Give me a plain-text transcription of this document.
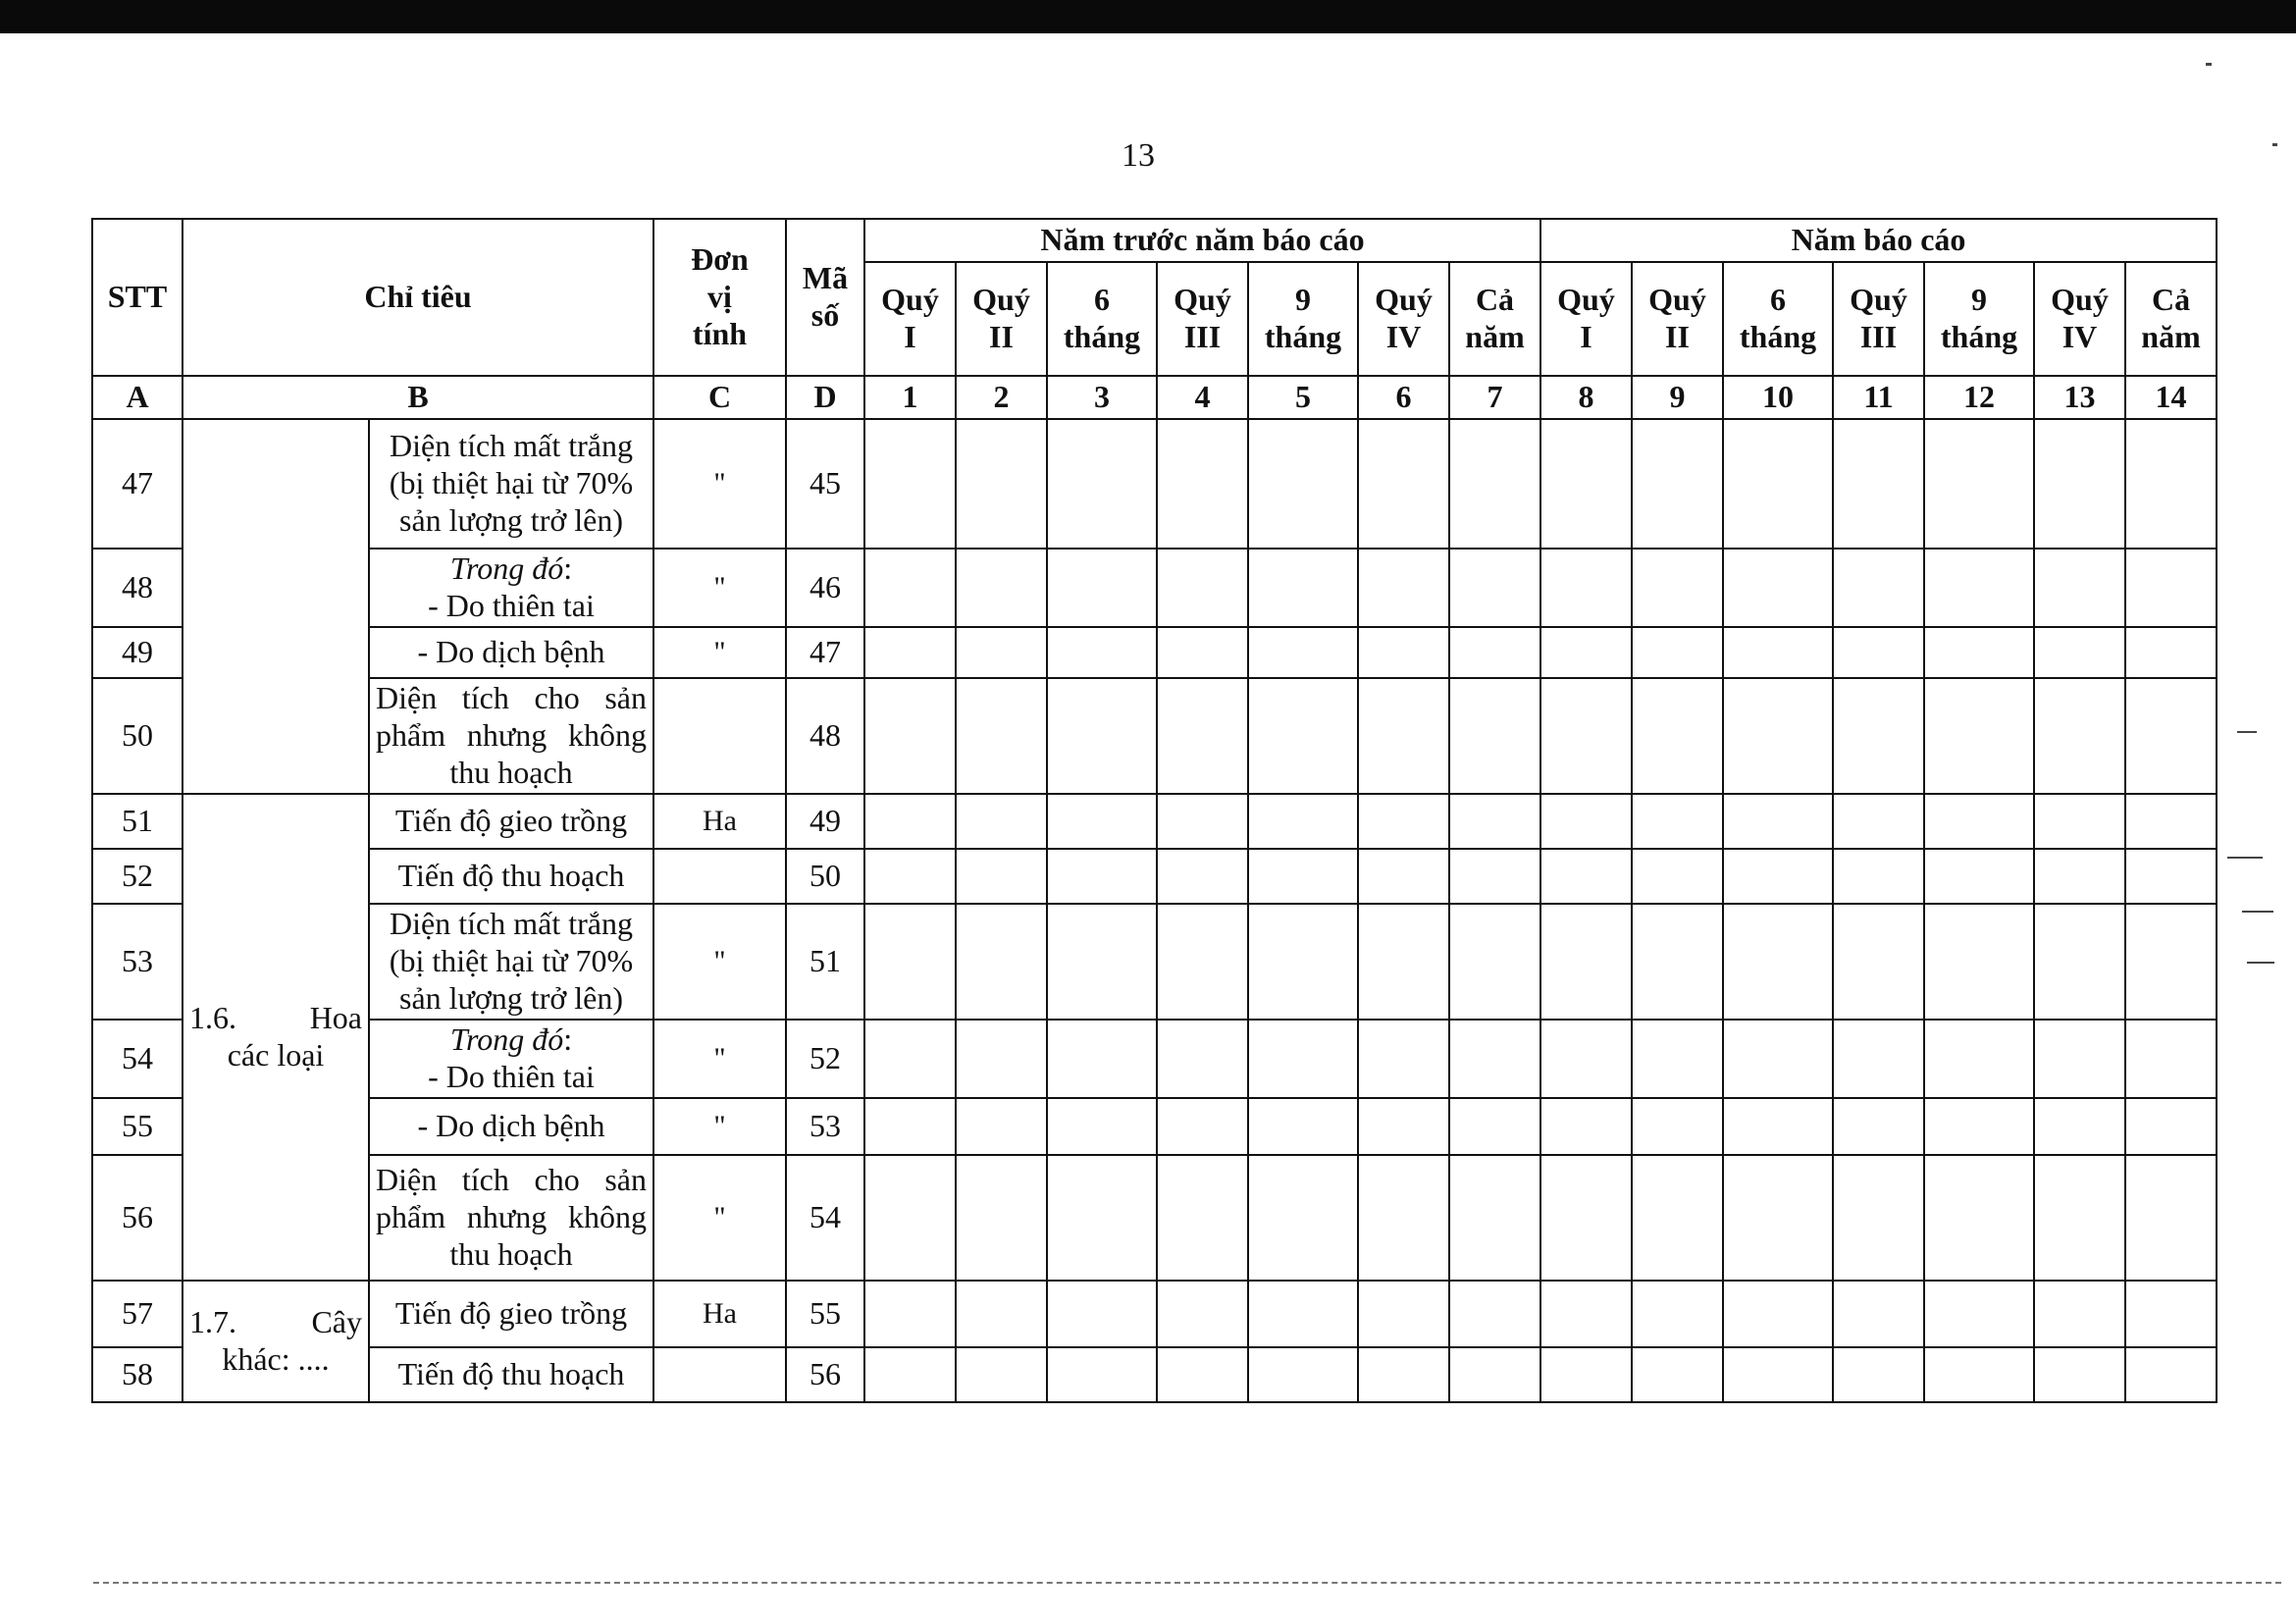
13
STT	Chỉ tiêu		Đơn vị tính	Mã số	Năm trước năm báo cáo							Năm báo cáo						
					Quý I	Quý II	6 tháng	Quý III	9 tháng	Quý IV	Cả năm	Quý I	Quý II	6 tháng	Quý III	9 tháng	Quý IV	Cả năm
A	B		C	D	1	2	3	4	5	6	7	8	9	10	11	12	13	14
47		Diện tích mất trắng
(bị thiệt hại từ 70%
sản lượng trở lên)	"	45														
48		Trong đó:
- Do thiên tai	"	46														
49		- Do dịch bệnh	"	47														
50		Diện tích cho sản
phẩm nhưng không
thu hoạch		48														
51	1.6. Hoa
các loại	Tiến độ gieo trồng	Ha	49														
52		Tiến độ thu hoạch		50														
53		Diện tích mất trắng
(bị thiệt hại từ 70%
sản lượng trở lên)	"	51														
54		Trong đó:
- Do thiên tai	"	52														
55		- Do dịch bệnh	"	53														
56		Diện tích cho sản
phẩm nhưng không
thu hoạch	"	54														
57	1.7. Cây
khác: ....	Tiến độ gieo trồng	Ha	55														
58		Tiến độ thu hoạch		56														
